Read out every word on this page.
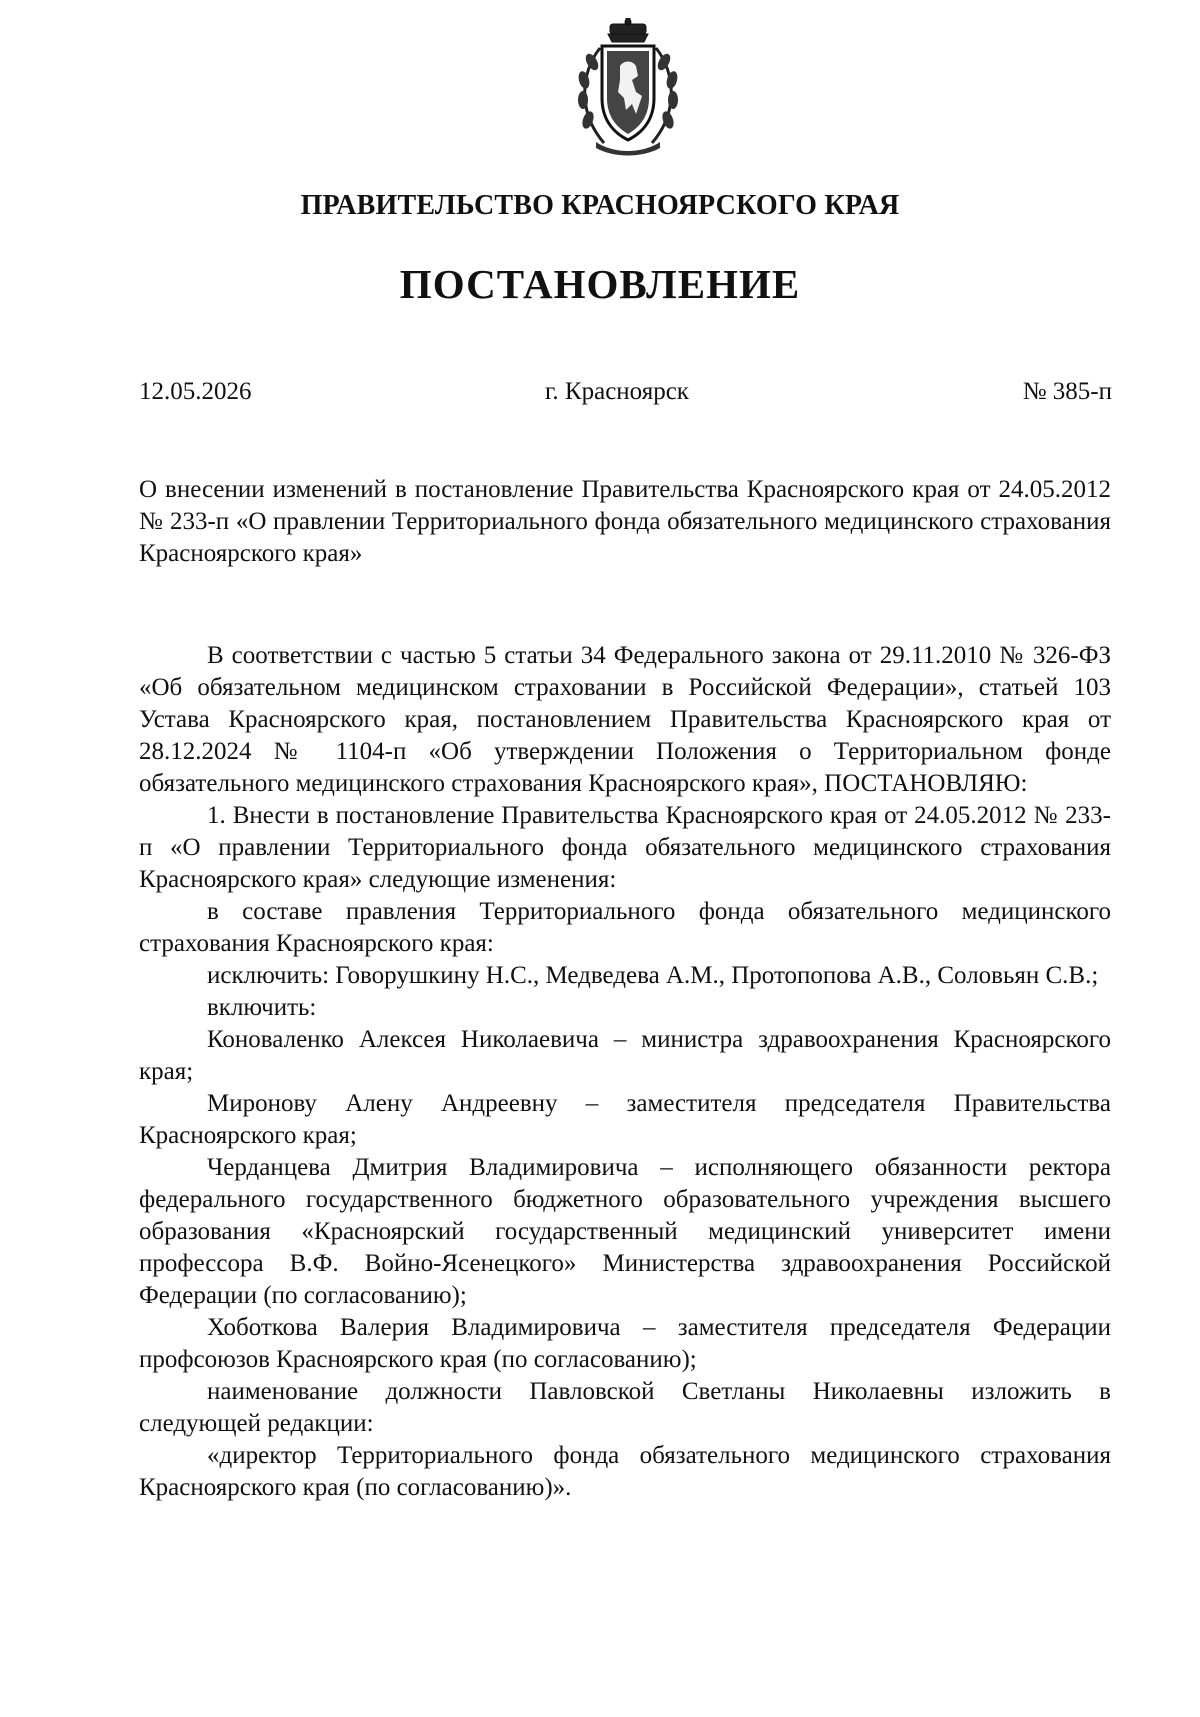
ПРАВИТЕЛЬСТВО КРАСНОЯРСКОГО КРАЯ
ПОСТАНОВЛЕНИЕ
12.05.2026	г. Красноярск	№ 385-п
О внесении изменений в постановление Правительства Красноярского края от 24.05.2012 № 233-п «О правлении Территориального фонда обязательного медицинского страхования Красноярского края»

В соответствии с частью 5 статьи 34 Федерального закона от 29.11.2010 № 326-ФЗ «Об обязательном медицинском страховании в Российской Федерации», статьей 103 Устава Красноярского края, постановлением Правительства Красноярского края от 28.12.2024 № 1104-п «Об утверждении Положения о Территориальном фонде обязательного медицинского страхования Красноярского края», ПОСТАНОВЛЯЮ:

1. Внести в постановление Правительства Красноярского края от 24.05.2012 № 233-п «О правлении Территориального фонда обязательного медицинского страхования Красноярского края» следующие изменения:

в составе правления Территориального фонда обязательного медицинского страхования Красноярского края:

исключить: Говорушкину Н.С., Медведева А.М., Протопопова А.В., Соловьян С.В.;

включить:

Коноваленко Алексея Николаевича – министра здравоохранения Красноярского края;

Миронову Алену Андреевну – заместителя председателя Правительства Красноярского края;

Черданцева Дмитрия Владимировича – исполняющего обязанности ректора федерального государственного бюджетного образовательного учреждения высшего образования «Красноярский государственный медицинский университет имени профессора В.Ф. Войно-Ясенецкого» Министерства здравоохранения Российской Федерации (по согласованию);

Хоботкова Валерия Владимировича – заместителя председателя Федерации профсоюзов Красноярского края (по согласованию);

наименование должности Павловской Светланы Николаевны изложить в следующей редакции:

«директор Территориального фонда обязательного медицинского страхования Красноярского края (по согласованию)».
